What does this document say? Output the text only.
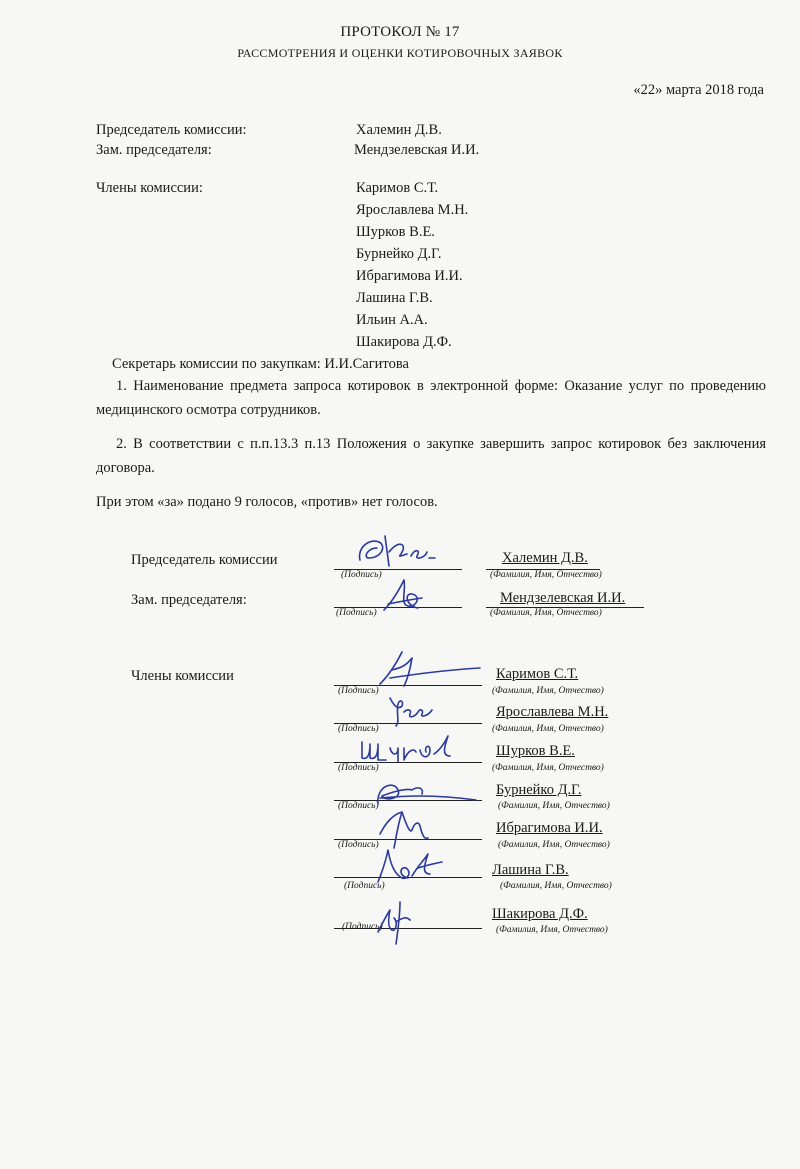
ПРОТОКОЛ № 17
РАССМОТРЕНИЯ И ОЦЕНКИ КОТИРОВОЧНЫХ ЗАЯВОК
«22» марта 2018 года
Председатель комиссии:	Халемин Д.В.
Зам. председателя:	Мендзелевская И.И.
Члены комиссии:	Каримов С.Т.
Ярославлева М.Н.
Шурков В.Е.
Бурнейко Д.Г.
Ибрагимова И.И.
Лашина Г.В.
Ильин А.А.
Шакирова Д.Ф.
Секретарь комиссии по закупкам: И.И.Сагитова
1. Наименование предмета запроса котировок в электронной форме: Оказание услуг по проведению медицинского осмотра сотрудников.
2. В соответствии с п.п.13.3 п.13 Положения о закупке завершить запрос котировок без заключения договора.
При этом «за» подано 9 голосов, «против» нет голосов.
Председатель комиссии
(Подпись)
Халемин Д.В.
(Фамилия, Имя, Отчество)
Зам. председателя:
(Подпись)
Мендзелевская И.И.
(Фамилия, Имя, Отчество)
Члены комиссии
(Подпись)
Каримов С.Т.
(Фамилия, Имя, Отчество)
(Подпись)
Ярославлева М.Н.
(Фамилия, Имя, Отчество)
(Подпись)
Шурков В.Е.
(Фамилия, Имя, Отчество)
(Подпись)
Бурнейко Д.Г.
(Фамилия, Имя, Отчество)
(Подпись)
Ибрагимова И.И.
(Фамилия, Имя, Отчество)
(Подпись)
Лашина Г.В.
(Фамилия, Имя, Отчество)
(Подпись)
Шакирова Д.Ф.
(Фамилия, Имя, Отчество)
